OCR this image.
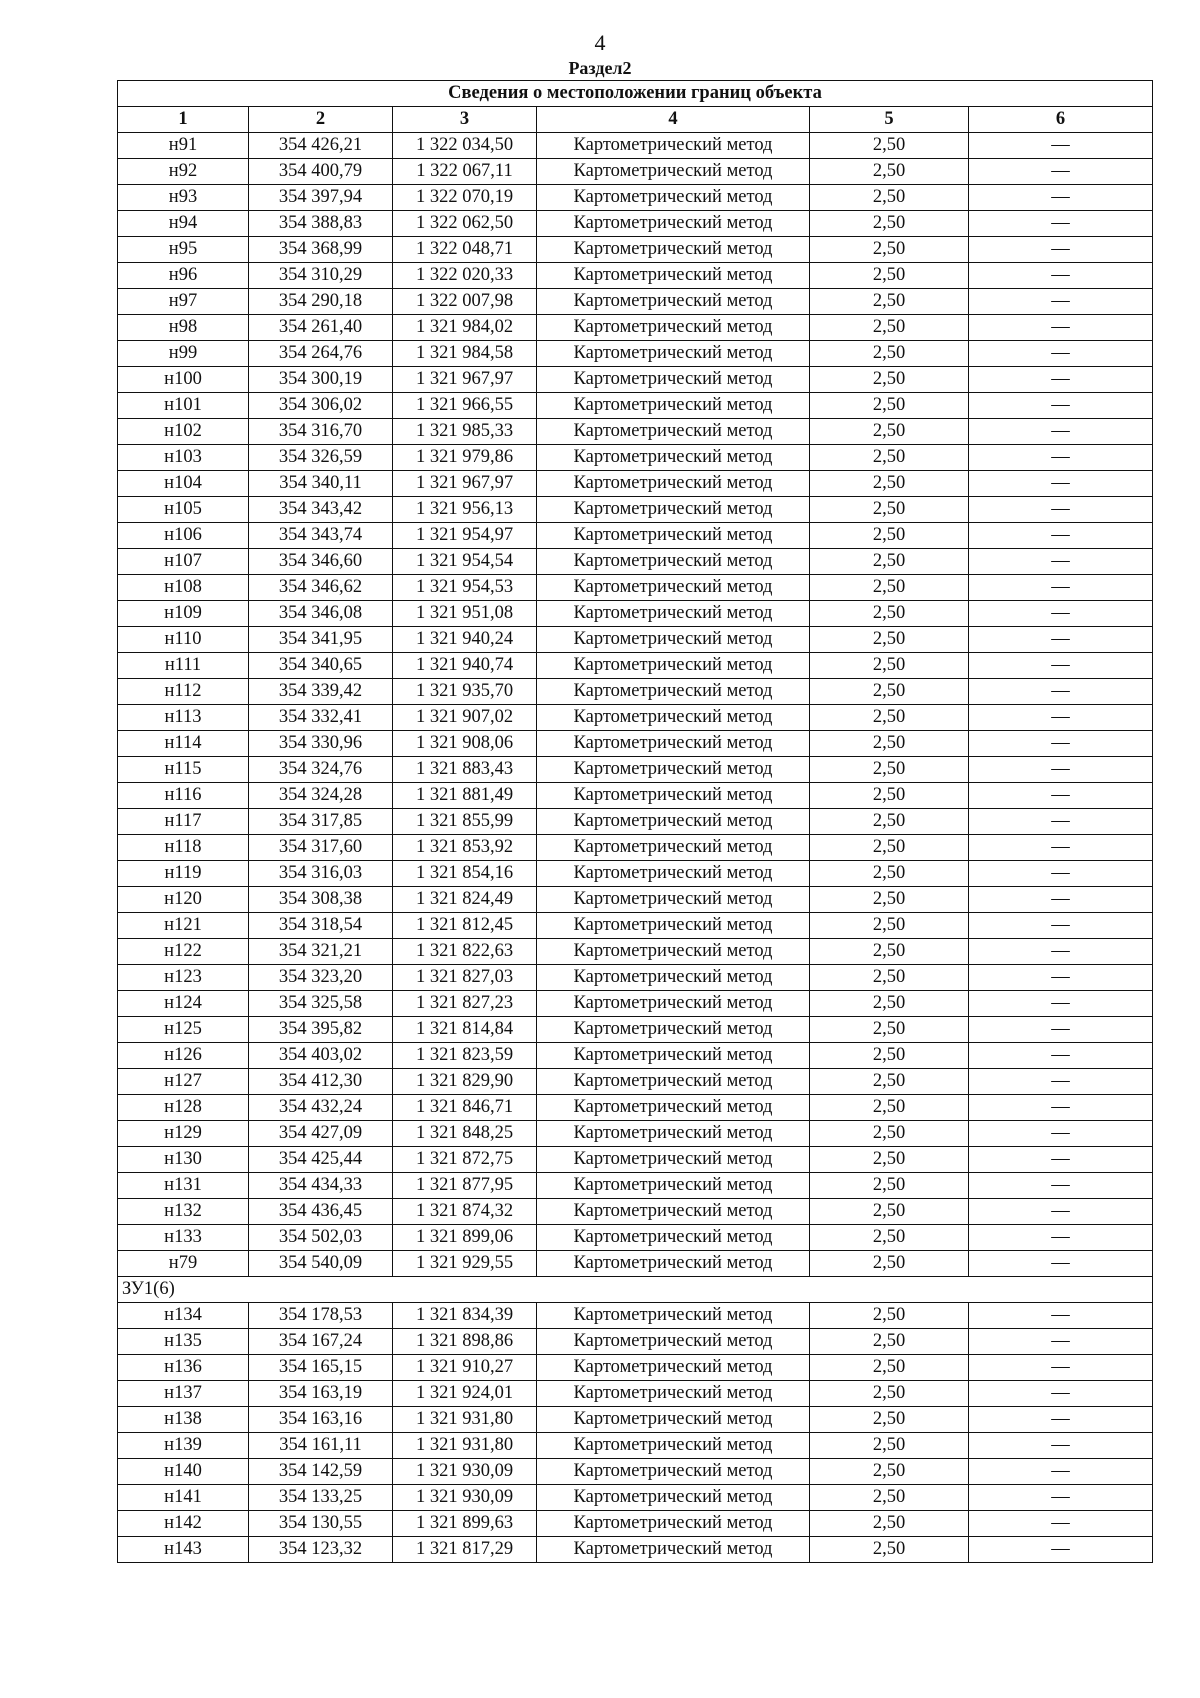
4
Раздел2
Сведения о местоположении границ объекта					
1	2	3	4	5	6
н91	354 426,21	1 322 034,50	Картометрический метод	2,50	—
н92	354 400,79	1 322 067,11	Картометрический метод	2,50	—
н93	354 397,94	1 322 070,19	Картометрический метод	2,50	—
н94	354 388,83	1 322 062,50	Картометрический метод	2,50	—
н95	354 368,99	1 322 048,71	Картометрический метод	2,50	—
н96	354 310,29	1 322 020,33	Картометрический метод	2,50	—
н97	354 290,18	1 322 007,98	Картометрический метод	2,50	—
н98	354 261,40	1 321 984,02	Картометрический метод	2,50	—
н99	354 264,76	1 321 984,58	Картометрический метод	2,50	—
н100	354 300,19	1 321 967,97	Картометрический метод	2,50	—
н101	354 306,02	1 321 966,55	Картометрический метод	2,50	—
н102	354 316,70	1 321 985,33	Картометрический метод	2,50	—
н103	354 326,59	1 321 979,86	Картометрический метод	2,50	—
н104	354 340,11	1 321 967,97	Картометрический метод	2,50	—
н105	354 343,42	1 321 956,13	Картометрический метод	2,50	—
н106	354 343,74	1 321 954,97	Картометрический метод	2,50	—
н107	354 346,60	1 321 954,54	Картометрический метод	2,50	—
н108	354 346,62	1 321 954,53	Картометрический метод	2,50	—
н109	354 346,08	1 321 951,08	Картометрический метод	2,50	—
н110	354 341,95	1 321 940,24	Картометрический метод	2,50	—
н111	354 340,65	1 321 940,74	Картометрический метод	2,50	—
н112	354 339,42	1 321 935,70	Картометрический метод	2,50	—
н113	354 332,41	1 321 907,02	Картометрический метод	2,50	—
н114	354 330,96	1 321 908,06	Картометрический метод	2,50	—
н115	354 324,76	1 321 883,43	Картометрический метод	2,50	—
н116	354 324,28	1 321 881,49	Картометрический метод	2,50	—
н117	354 317,85	1 321 855,99	Картометрический метод	2,50	—
н118	354 317,60	1 321 853,92	Картометрический метод	2,50	—
н119	354 316,03	1 321 854,16	Картометрический метод	2,50	—
н120	354 308,38	1 321 824,49	Картометрический метод	2,50	—
н121	354 318,54	1 321 812,45	Картометрический метод	2,50	—
н122	354 321,21	1 321 822,63	Картометрический метод	2,50	—
н123	354 323,20	1 321 827,03	Картометрический метод	2,50	—
н124	354 325,58	1 321 827,23	Картометрический метод	2,50	—
н125	354 395,82	1 321 814,84	Картометрический метод	2,50	—
н126	354 403,02	1 321 823,59	Картометрический метод	2,50	—
н127	354 412,30	1 321 829,90	Картометрический метод	2,50	—
н128	354 432,24	1 321 846,71	Картометрический метод	2,50	—
н129	354 427,09	1 321 848,25	Картометрический метод	2,50	—
н130	354 425,44	1 321 872,75	Картометрический метод	2,50	—
н131	354 434,33	1 321 877,95	Картометрический метод	2,50	—
н132	354 436,45	1 321 874,32	Картометрический метод	2,50	—
н133	354 502,03	1 321 899,06	Картометрический метод	2,50	—
н79	354 540,09	1 321 929,55	Картометрический метод	2,50	—
ЗУ1(6)					
н134	354 178,53	1 321 834,39	Картометрический метод	2,50	—
н135	354 167,24	1 321 898,86	Картометрический метод	2,50	—
н136	354 165,15	1 321 910,27	Картометрический метод	2,50	—
н137	354 163,19	1 321 924,01	Картометрический метод	2,50	—
н138	354 163,16	1 321 931,80	Картометрический метод	2,50	—
н139	354 161,11	1 321 931,80	Картометрический метод	2,50	—
н140	354 142,59	1 321 930,09	Картометрический метод	2,50	—
н141	354 133,25	1 321 930,09	Картометрический метод	2,50	—
н142	354 130,55	1 321 899,63	Картометрический метод	2,50	—
н143	354 123,32	1 321 817,29	Картометрический метод	2,50	—
